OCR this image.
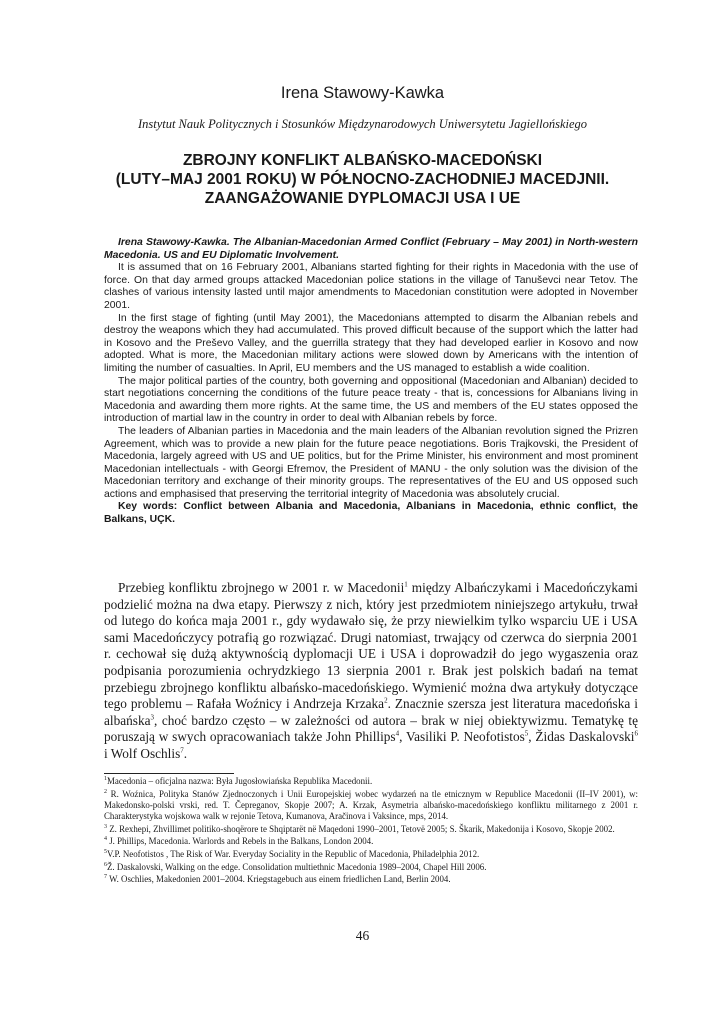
Irena Stawowy-Kawka
Instytut Nauk Politycznych i Stosunków Międzynarodowych Uniwersytetu Jagiellońskiego
ZBROJNY KONFLIKT ALBAŃSKO-MACEDOŃSKI
(LUTY–MAJ 2001 ROKU) W PÓŁNOCNO-ZACHODNIEJ MACEDJNII.
ZAANGAŻOWANIE DYPLOMACJI USA I UE

Irena Stawowy-Kawka. The Albanian-Macedonian Armed Conflict (February – May 2001) in North-western Macedonia. US and EU Diplomatic Involvement.

It is assumed that on 16 February 2001, Albanians started fighting for their rights in Macedonia with the use of force. On that day armed groups attacked Macedonian police stations in the village of Tanuševci near Tetov. The clashes of various intensity lasted until major amendments to Macedonian constitution were adopted in November 2001.

In the first stage of fighting (until May 2001), the Macedonians attempted to disarm the Albanian rebels and destroy the weapons which they had accumulated. This proved difficult because of the support which the latter had in Kosovo and the Preševo Valley, and the guerrilla strategy that they had developed earlier in Kosovo and now adopted. What is more, the Macedonian military actions were slowed down by Americans with the intention of limiting the number of casualties. In April, EU members and the US managed to establish a wide coalition.

The major political parties of the country, both governing and oppositional (Macedonian and Albanian) decided to start negotiations concerning the conditions of the future peace treaty - that is, concessions for Albanians living in Macedonia and awarding them more rights. At the same time, the US and members of the EU states opposed the introduction of martial law in the country in order to deal with Albanian rebels by force.

The leaders of Albanian parties in Macedonia and the main leaders of the Albanian revolution signed the Prizren Agreement, which was to provide a new plain for the future peace negotiations. Boris Trajkovski, the President of Macedonia, largely agreed with US and UE politics, but for the Prime Minister, his environment and most prominent Macedonian intellectuals - with Georgi Efremov, the President of MANU - the only solution was the division of the Macedonian territory and exchange of their minority groups. The representatives of the EU and US opposed such actions and emphasised that preserving the territorial integrity of Macedonia was absolutely crucial.

Key words: Conflict between Albania and Macedonia, Albanians in Macedonia, ethnic conflict, the Balkans, UÇK.

Przebieg konfliktu zbrojnego w 2001 r. w Macedonii$^1$ między Albańczykami i Macedończykami podzielić można na dwa etapy. Pierwszy z nich, który jest przedmiotem niniejszego artykułu, trwał od lutego do końca maja 2001 r., gdy wydawało się, że przy niewielkim tylko wsparciu UE i USA sami Macedończycy potrafią go rozwiązać. Drugi natomiast, trwający od czerwca do sierpnia 2001 r. cechował się dużą aktywnością dyplomacji UE i USA i doprowadził do jego wygaszenia oraz podpisania porozumienia ochrydzkiego 13 sierpnia 2001 r. Brak jest polskich badań na temat przebiegu zbrojnego konfliktu albańsko-macedońskiego. Wymienić można dwa artykuły dotyczące tego problemu – Rafała Woźnicy i Andrzeja Krzaka$^2$. Znacznie szersza jest literatura macedońska i albańska$^3$, choć bardzo często – w zależności od autora – brak w niej obiektywizmu. Tematykę tę poruszają w swych opracowaniach także John Phillips$^4$, Vasiliki P. Neofotistos$^5$, Židas Daskalovski$^6$ i Wolf Oschlis$^7$.

$^1$Macedonia – oficjalna nazwa: Była Jugosłowiańska Republika Macedonii.

$^2$ R. Woźnica, Polityka Stanów Zjednoczonych i Unii Europejskiej wobec wydarzeń na tle etnicznym w Republice Macedonii (II–IV 2001), w: Makedonsko-polski vrski, red. T. Čepreganov, Skopje 2007; A. Krzak, Asymetria albańsko-macedońskiego konfliktu militarnego z 2001 r. Charakterystyka wojskowa walk w rejonie Tetova, Kumanova, Aračinova i Vaksince, mps, 2014.

$^3$ Z. Rexhepi, Zhvillimet politiko-shoqërore te Shqiptarët në Maqedoni 1990–2001, Tetovë 2005; S. Škarik, Makedonija i Kosovo, Skopje 2002.

$^4$ J. Phillips, Macedonia. Warlords and Rebels in the Balkans, London 2004.

$^5$V.P. Neofotistos , The Risk of War. Everyday Sociality in the Republic of Macedonia, Philadelphia 2012.

$^6$Ž. Daskalovski, Walking on the edge. Consolidation multiethnic Macedonia 1989–2004, Chapel Hill 2006.

$^7$ W. Oschlies, Makedonien 2001–2004. Kriegstagebuch aus einem friedlichen Land, Berlin 2004.

46
